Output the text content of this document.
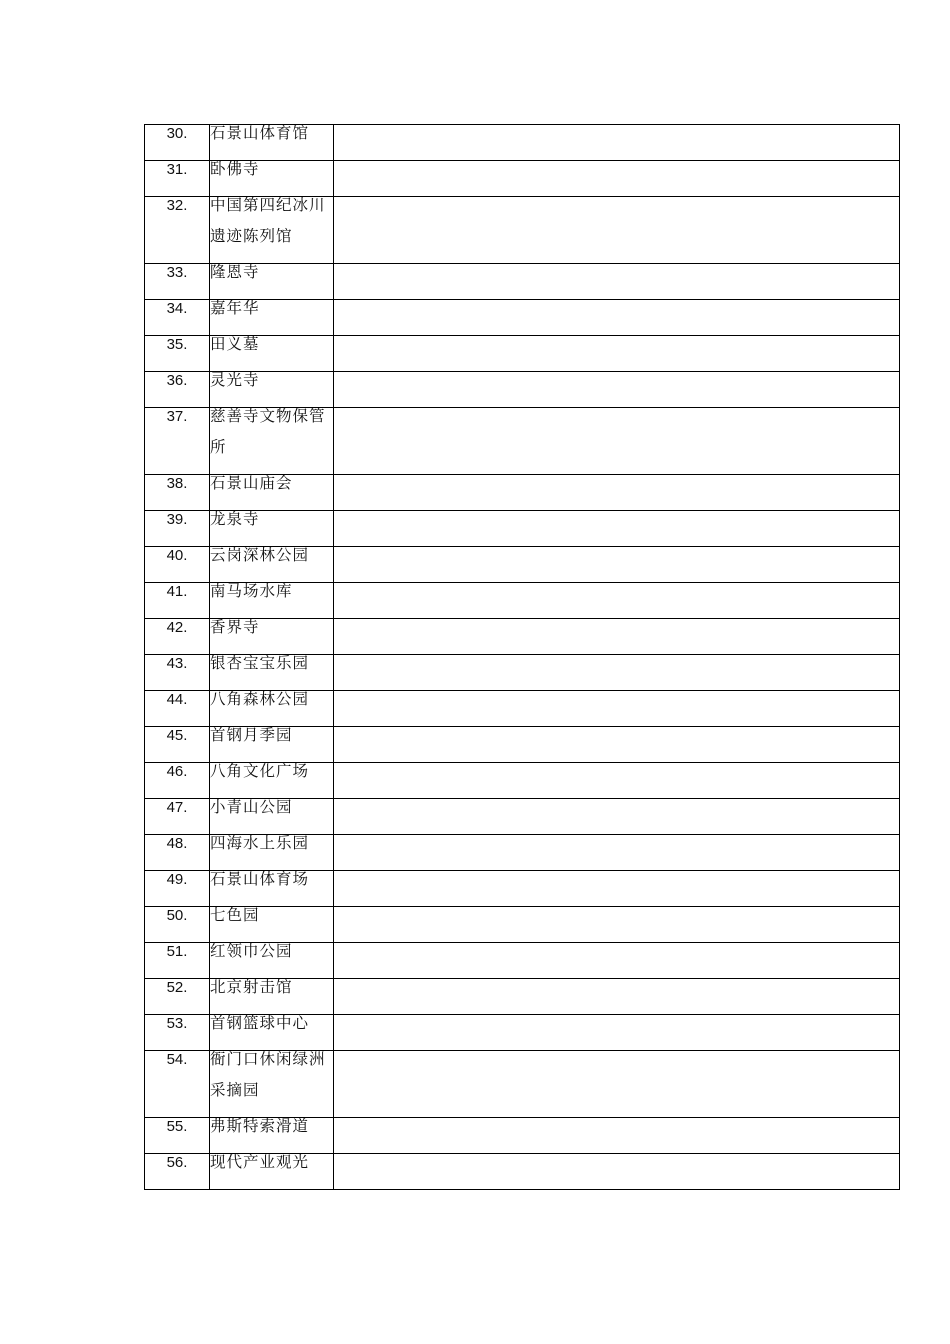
30.	石景山体育馆	

31.	卧佛寺	

32.	中国第四纪冰川遗迹陈列馆	

33.	隆恩寺	

34.	嘉年华	

35.	田义墓	

36.	灵光寺	

37.	慈善寺文物保管所	

38.	石景山庙会	

39.	龙泉寺	

40.	云岗深林公园	

41.	南马场水库	

42.	香界寺	

43.	银杏宝宝乐园	

44.	八角森林公园	

45.	首钢月季园	

46.	八角文化广场	

47.	小青山公园	

48.	四海水上乐园	

49.	石景山体育场	

50.	七色园	

51.	红领巾公园	

52.	北京射击馆	

53.	首钢篮球中心	

54.	衙门口休闲绿洲采摘园	

55.	弗斯特索滑道	

56.	现代产业观光	
